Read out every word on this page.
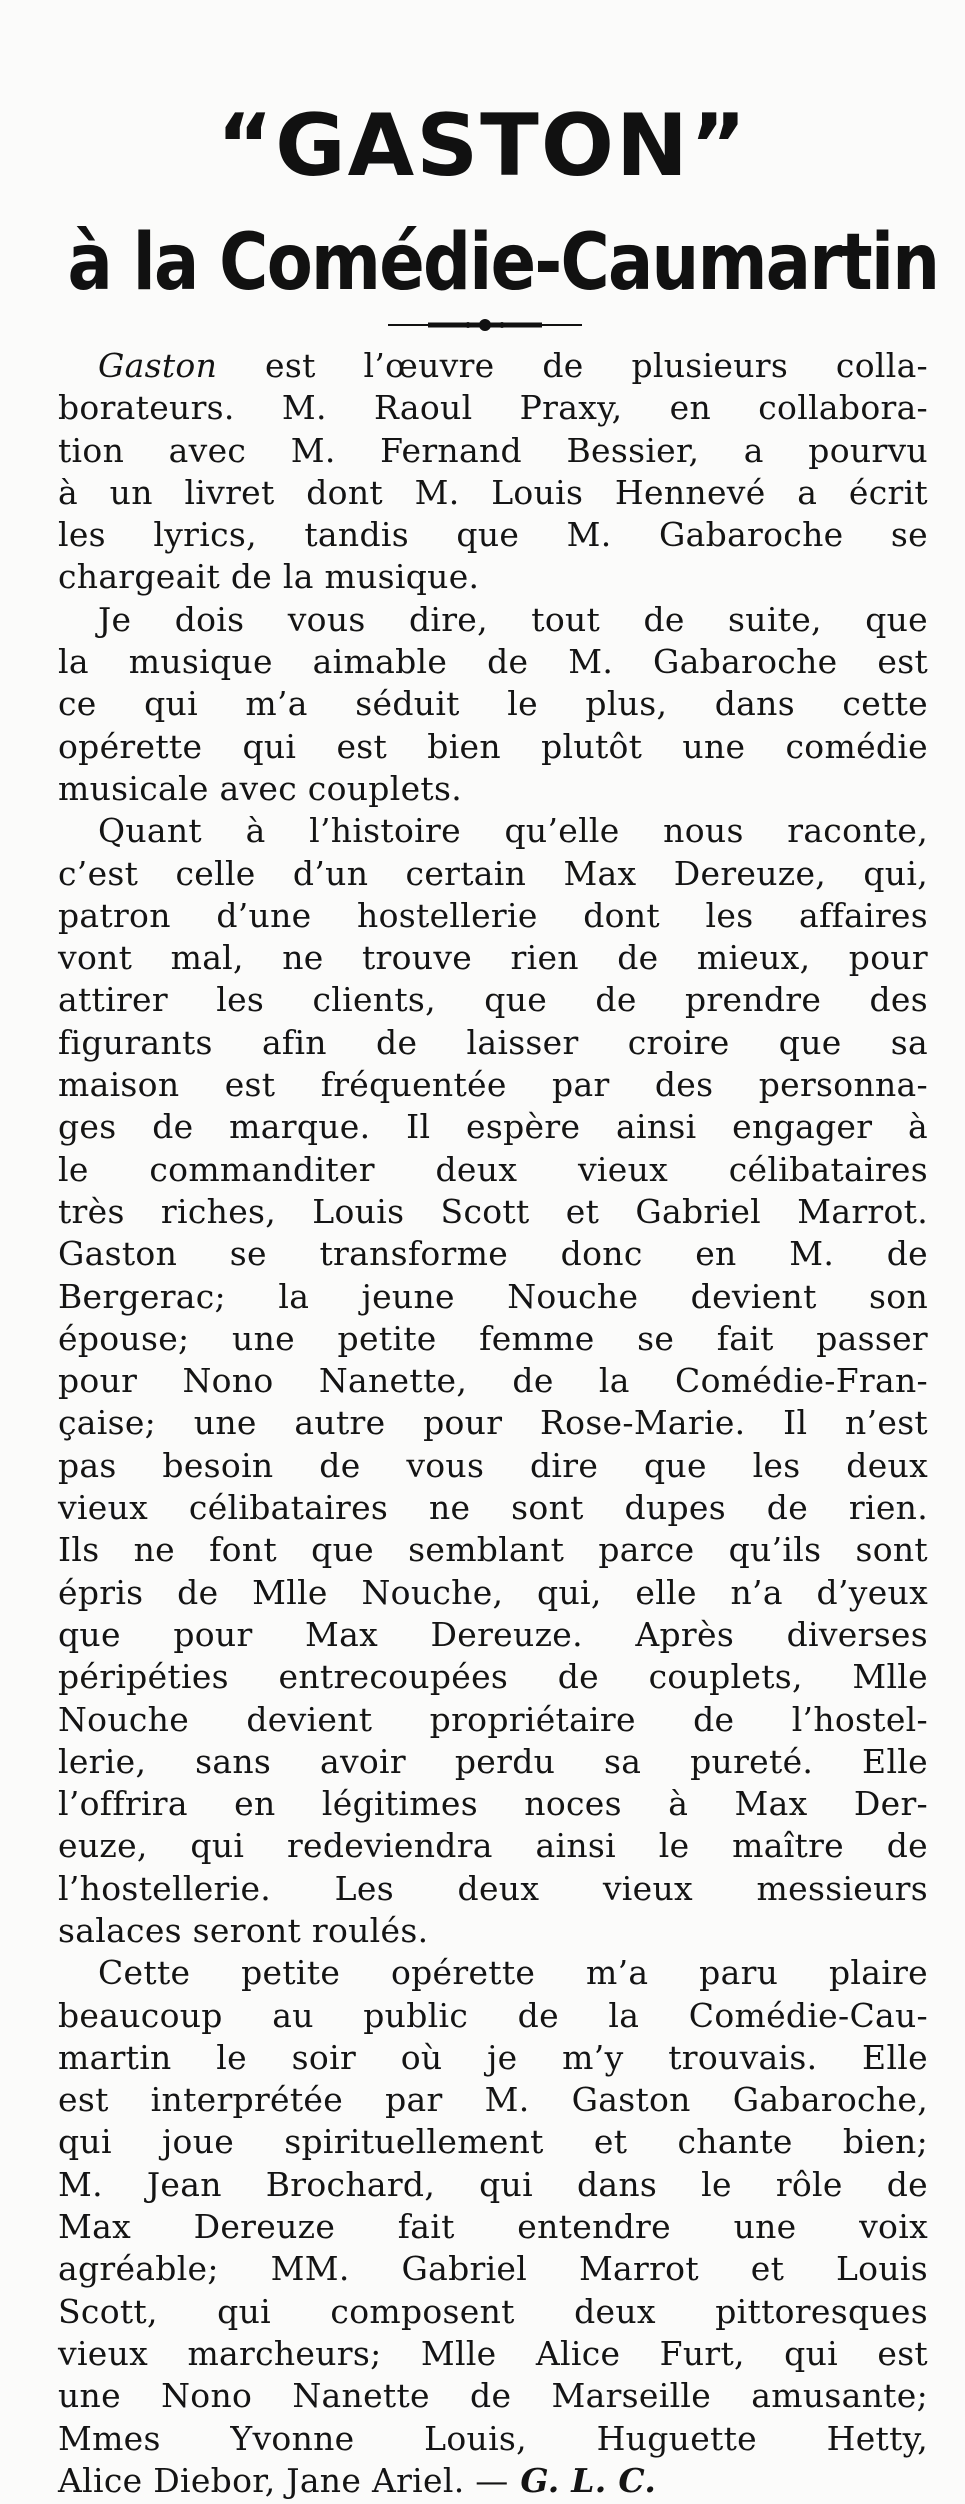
“GASTON”
à la Comédie-Caumartin
Gaston est l’œuvre de plusieurs colla-
borateurs. M. Raoul Praxy, en collabora-
tion avec M. Fernand Bessier, a pourvu
à un livret dont M. Louis Hennevé a écrit
les lyrics, tandis que M. Gabaroche se
chargeait de la musique.
Je dois vous dire, tout de suite, que
la musique aimable de M. Gabaroche est
ce qui m’a séduit le plus, dans cette
opérette qui est bien plutôt une comédie
musicale avec couplets.
Quant à l’histoire qu’elle nous raconte,
c’est celle d’un certain Max Dereuze, qui,
patron d’une hostellerie dont les affaires
vont mal, ne trouve rien de mieux, pour
attirer les clients, que de prendre des
figurants afin de laisser croire que sa
maison est fréquentée par des personna-
ges de marque. Il espère ainsi engager à
le commanditer deux vieux célibataires
très riches, Louis Scott et Gabriel Marrot.
Gaston se transforme donc en M. de
Bergerac; la jeune Nouche devient son
épouse; une petite femme se fait passer
pour Nono Nanette, de la Comédie-Fran-
çaise; une autre pour Rose-Marie. Il n’est
pas besoin de vous dire que les deux
vieux célibataires ne sont dupes de rien.
Ils ne font que semblant parce qu’ils sont
épris de Mlle Nouche, qui, elle n’a d’yeux
que pour Max Dereuze. Après diverses
péripéties entrecoupées de couplets, Mlle
Nouche devient propriétaire de l’hostel-
lerie, sans avoir perdu sa pureté. Elle
l’offrira en légitimes noces à Max Der-
euze, qui redeviendra ainsi le maître de
l’hostellerie. Les deux vieux messieurs
salaces seront roulés.
Cette petite opérette m’a paru plaire
beaucoup au public de la Comédie-Cau-
martin le soir où je m’y trouvais. Elle
est interprétée par M. Gaston Gabaroche,
qui joue spirituellement et chante bien;
M. Jean Brochard, qui dans le rôle de
Max Dereuze fait entendre une voix
agréable; MM. Gabriel Marrot et Louis
Scott, qui composent deux pittoresques
vieux marcheurs; Mlle Alice Furt, qui est
une Nono Nanette de Marseille amusante;
Mmes Yvonne Louis, Huguette Hetty,
Alice Diebor, Jane Ariel. — G. L. C.
